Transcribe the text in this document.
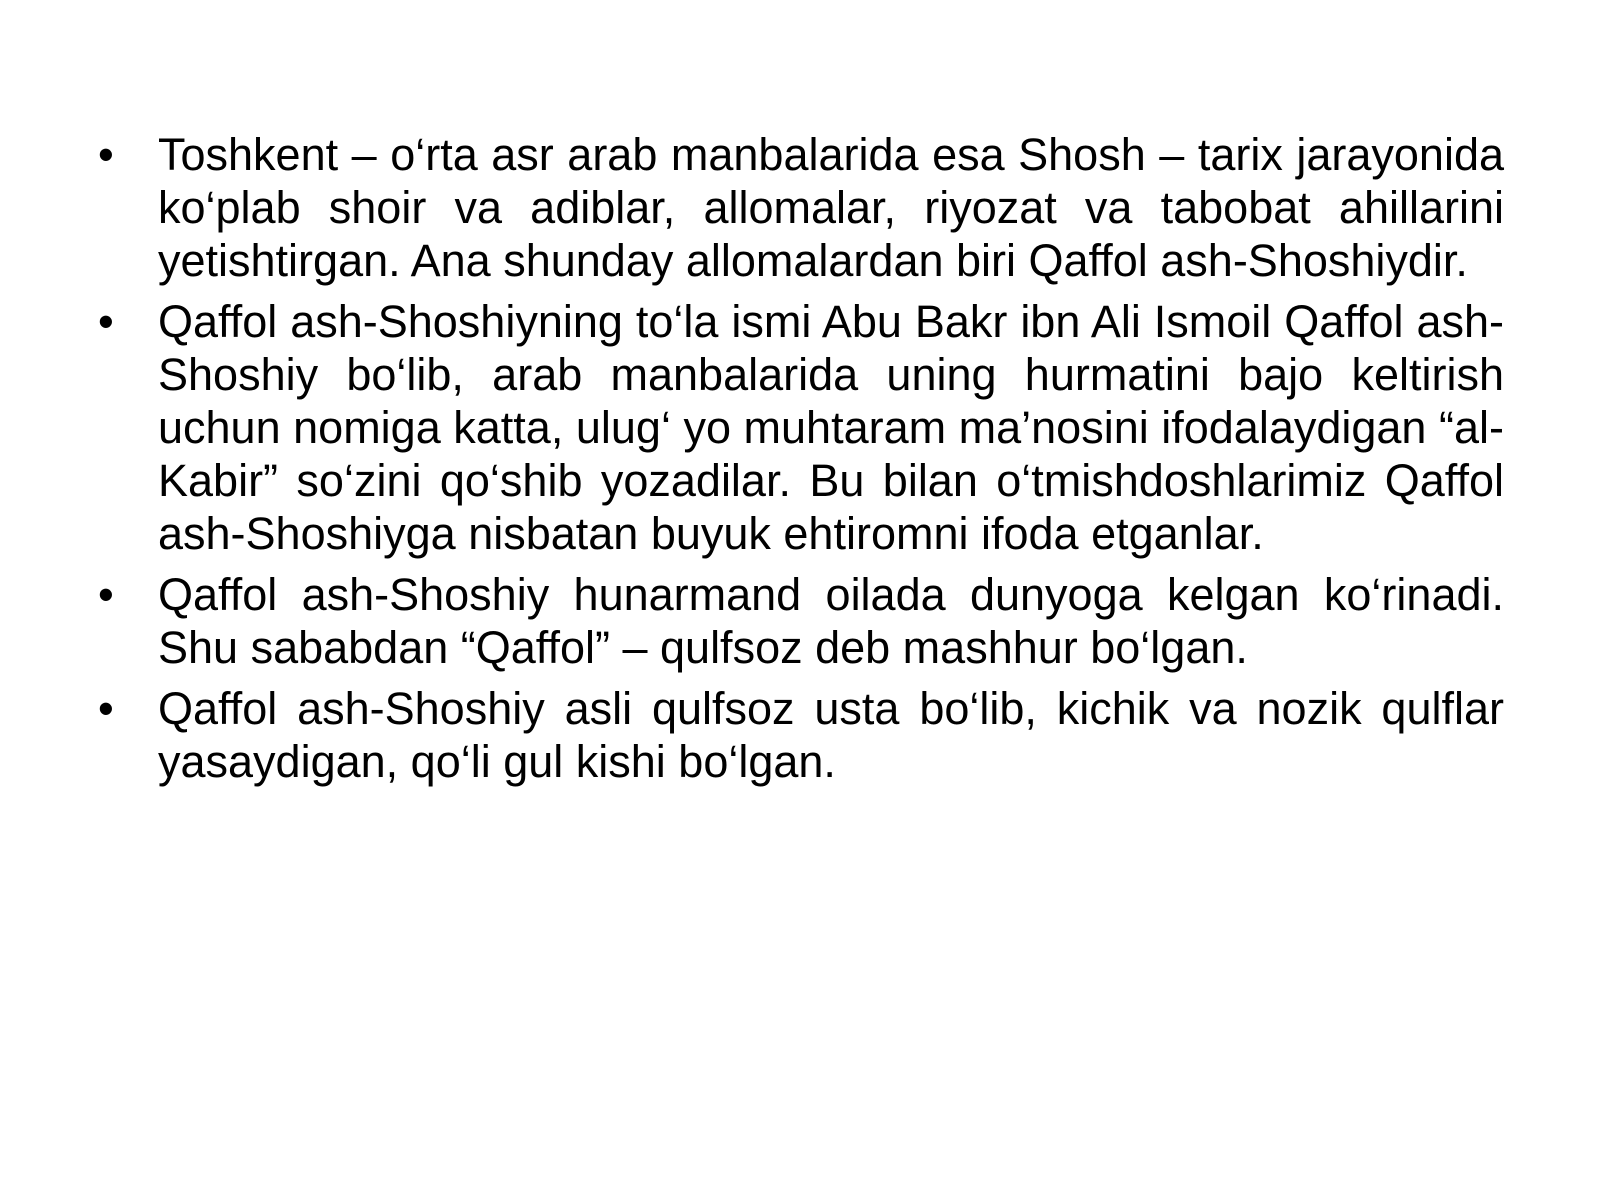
• Toshkent – o‘rta asr arab manbalarida esa Shosh – tarix jarayonida ko‘plab shoir va adiblar, allomalar, riyozat va tabobat ahillarini yetishtirgan. Ana shunday allomalardan biri Qaffol ash-Shoshiydir.
• Qaffol ash-Shoshiyning to‘la ismi Abu Bakr ibn Ali Ismoil Qaffol ash-Shoshiy bo‘lib, arab manbalarida uning hurmatini bajo keltirish uchun nomiga katta, ulug‘ yo muhtaram ma’nosini ifodalaydigan “al-Kabir” so‘zini qo‘shib yozadilar. Bu bilan o‘tmishdoshlarimiz Qaffol ash-Shoshiyga nisbatan buyuk ehtiromni ifoda etganlar.
• Qaffol ash-Shoshiy hunarmand oilada dunyoga kelgan ko‘rinadi. Shu sababdan “Qaffol” – qulfsoz deb mashhur bo‘lgan.
• Qaffol ash-Shoshiy asli qulfsoz usta bo‘lib, kichik va nozik qulflar yasaydigan, qo‘li gul kishi bo‘lgan.
